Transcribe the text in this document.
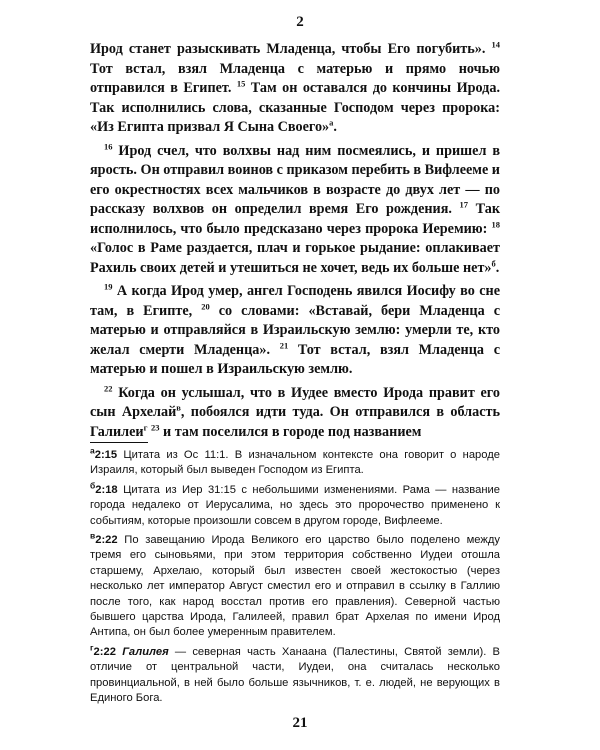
2

Ирод станет разыскивать Младенца, чтобы Его погубить». $^{14}$ Тот встал, взял Младенца с матерью и прямо ночью отправился в Египет. $^{15}$ Там он оставался до кончины Ирода. Так исполнились слова, сказанные Господом через пророка: «Из Египта призвал Я Сына Своего»$^а$.

$^{16}$ Ирод счел, что волхвы над ним посмеялись, и пришел в ярость. Он отправил воинов с приказом перебить в Вифлееме и его окрестностях всех мальчиков в возрасте до двух лет — по рассказу волхвов он определил время Его рождения. $^{17}$ Так исполнилось, что было предсказано через пророка Иеремию: $^{18}$ «Голос в Раме раздается, плач и горькое рыдание: оплакивает Рахиль своих детей и утешиться не хочет, ведь их больше нет»$^б$.

$^{19}$ А когда Ирод умер, ангел Господень явился Иосифу во сне там, в Египте, $^{20}$ со словами: «Вставай, бери Младенца с матерью и отправляйся в Израильскую землю: умерли те, кто желал смерти Младенца». $^{21}$ Тот встал, взял Младенца с матерью и пошел в Израильскую землю.

$^{22}$ Когда он услышал, что в Иудее вместо Ирода правит его сын Архелай$^в$, побоялся идти туда. Он отправился в область Галилеи$^г$ $^{23}$ и там поселился в городе под названием

$^а$2:15 Цитата из Ос 11:1. В изначальном контексте она говорит о народе Израиля, который был выведен Господом из Египта.

$^б$2:18 Цитата из Иер 31:15 с небольшими изменениями. Рама — название города недалеко от Иерусалима, но здесь это пророчество применено к событиям, которые произошли совсем в другом городе, Вифлееме.

$^в$2:22 По завещанию Ирода Великого его царство было поделено между тремя его сыновьями, при этом территория собственно Иудеи отошла старшему, Архелаю, который был известен своей жестокостью (через несколько лет император Август сместил его и отправил в ссылку в Галлию после того, как народ восстал против его правления). Северной частью бывшего царства Ирода, Галилеей, правил брат Архелая по имени Ирод Антипа, он был более умеренным правителем.

$^г$2:22 Галилея — северная часть Ханаана (Палестины, Святой земли). В отличие от центральной части, Иудеи, она считалась несколько провинциальной, в ней было больше язычников, т. е. людей, не верующих в Единого Бога.

21
